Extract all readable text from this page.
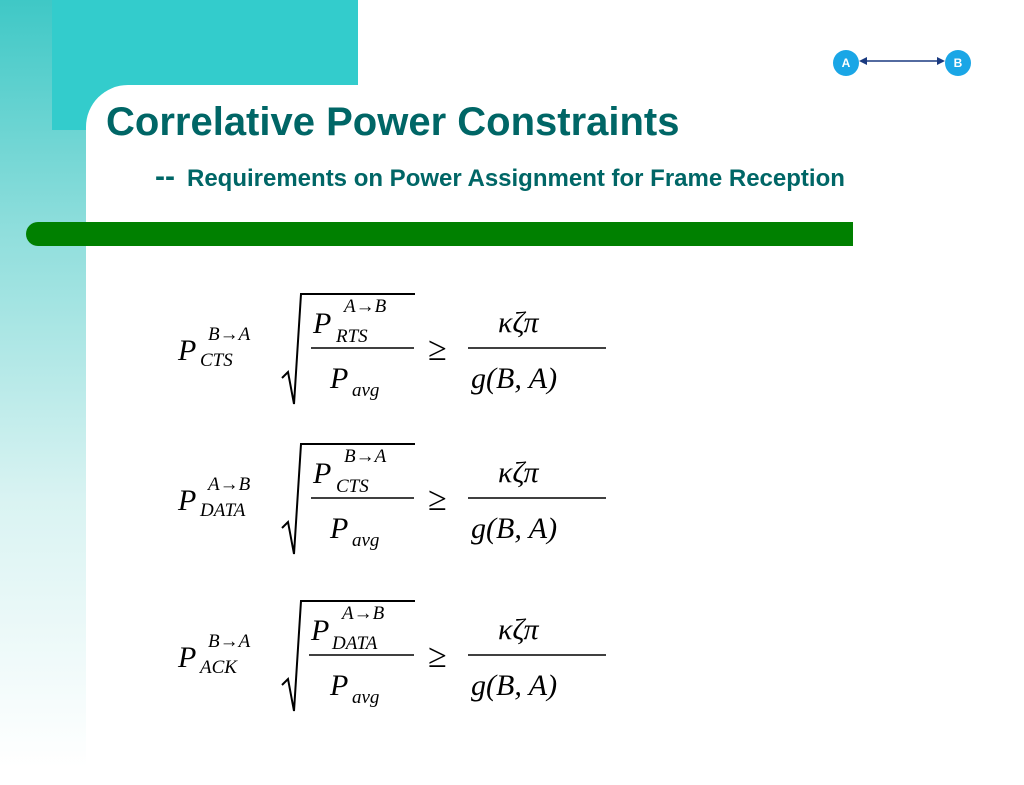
A	B
Correlative Power Constraints
-- Requirements on Power Assignment for Frame Reception
P B→A
CTS
P
A→B
RTS
P avg
≥
κζπ
g(B, A)
P A→B
DATA
P
B→A
CTS
P avg
≥
κζπ
g(B, A)
P B→A
ACK
P
A→B
DATA
P avg
≥
κζπ
g(B, A)
